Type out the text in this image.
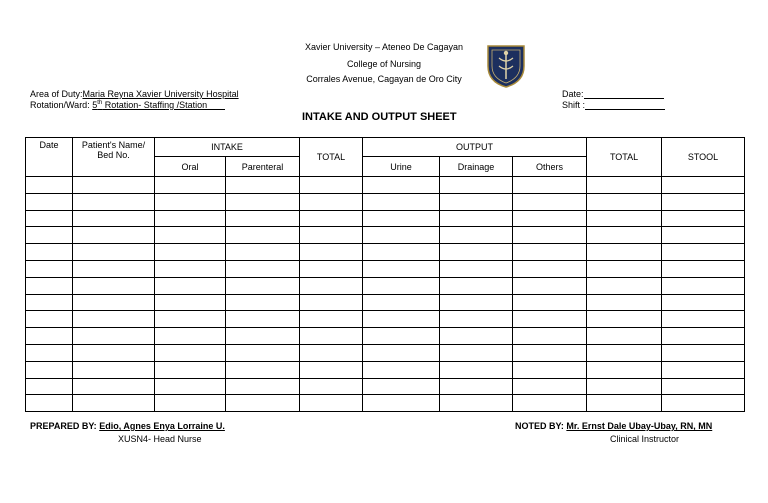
Xavier University – Ateneo De Cagayan
College of Nursing
Corrales Avenue, Cagayan de Oro City
Area of Duty:Maria Reyna Xavier University Hospital
Rotation/Ward: 5th Rotation- Staffing /Station
Date:
Shift :
INTAKE AND OUTPUT SHEET
Date	Patient's Name/ Bed No.	INTAKE		TOTAL	OUTPUT			TOTAL	STOOL
		Oral	Parenteral		Urine	Drainage	Others		

PREPARED BY: Edio, Agnes Enya Lorraine U.
XUSN4- Head Nurse
NOTED BY: Mr. Ernst Dale Ubay-Ubay, RN, MN
Clinical Instructor
